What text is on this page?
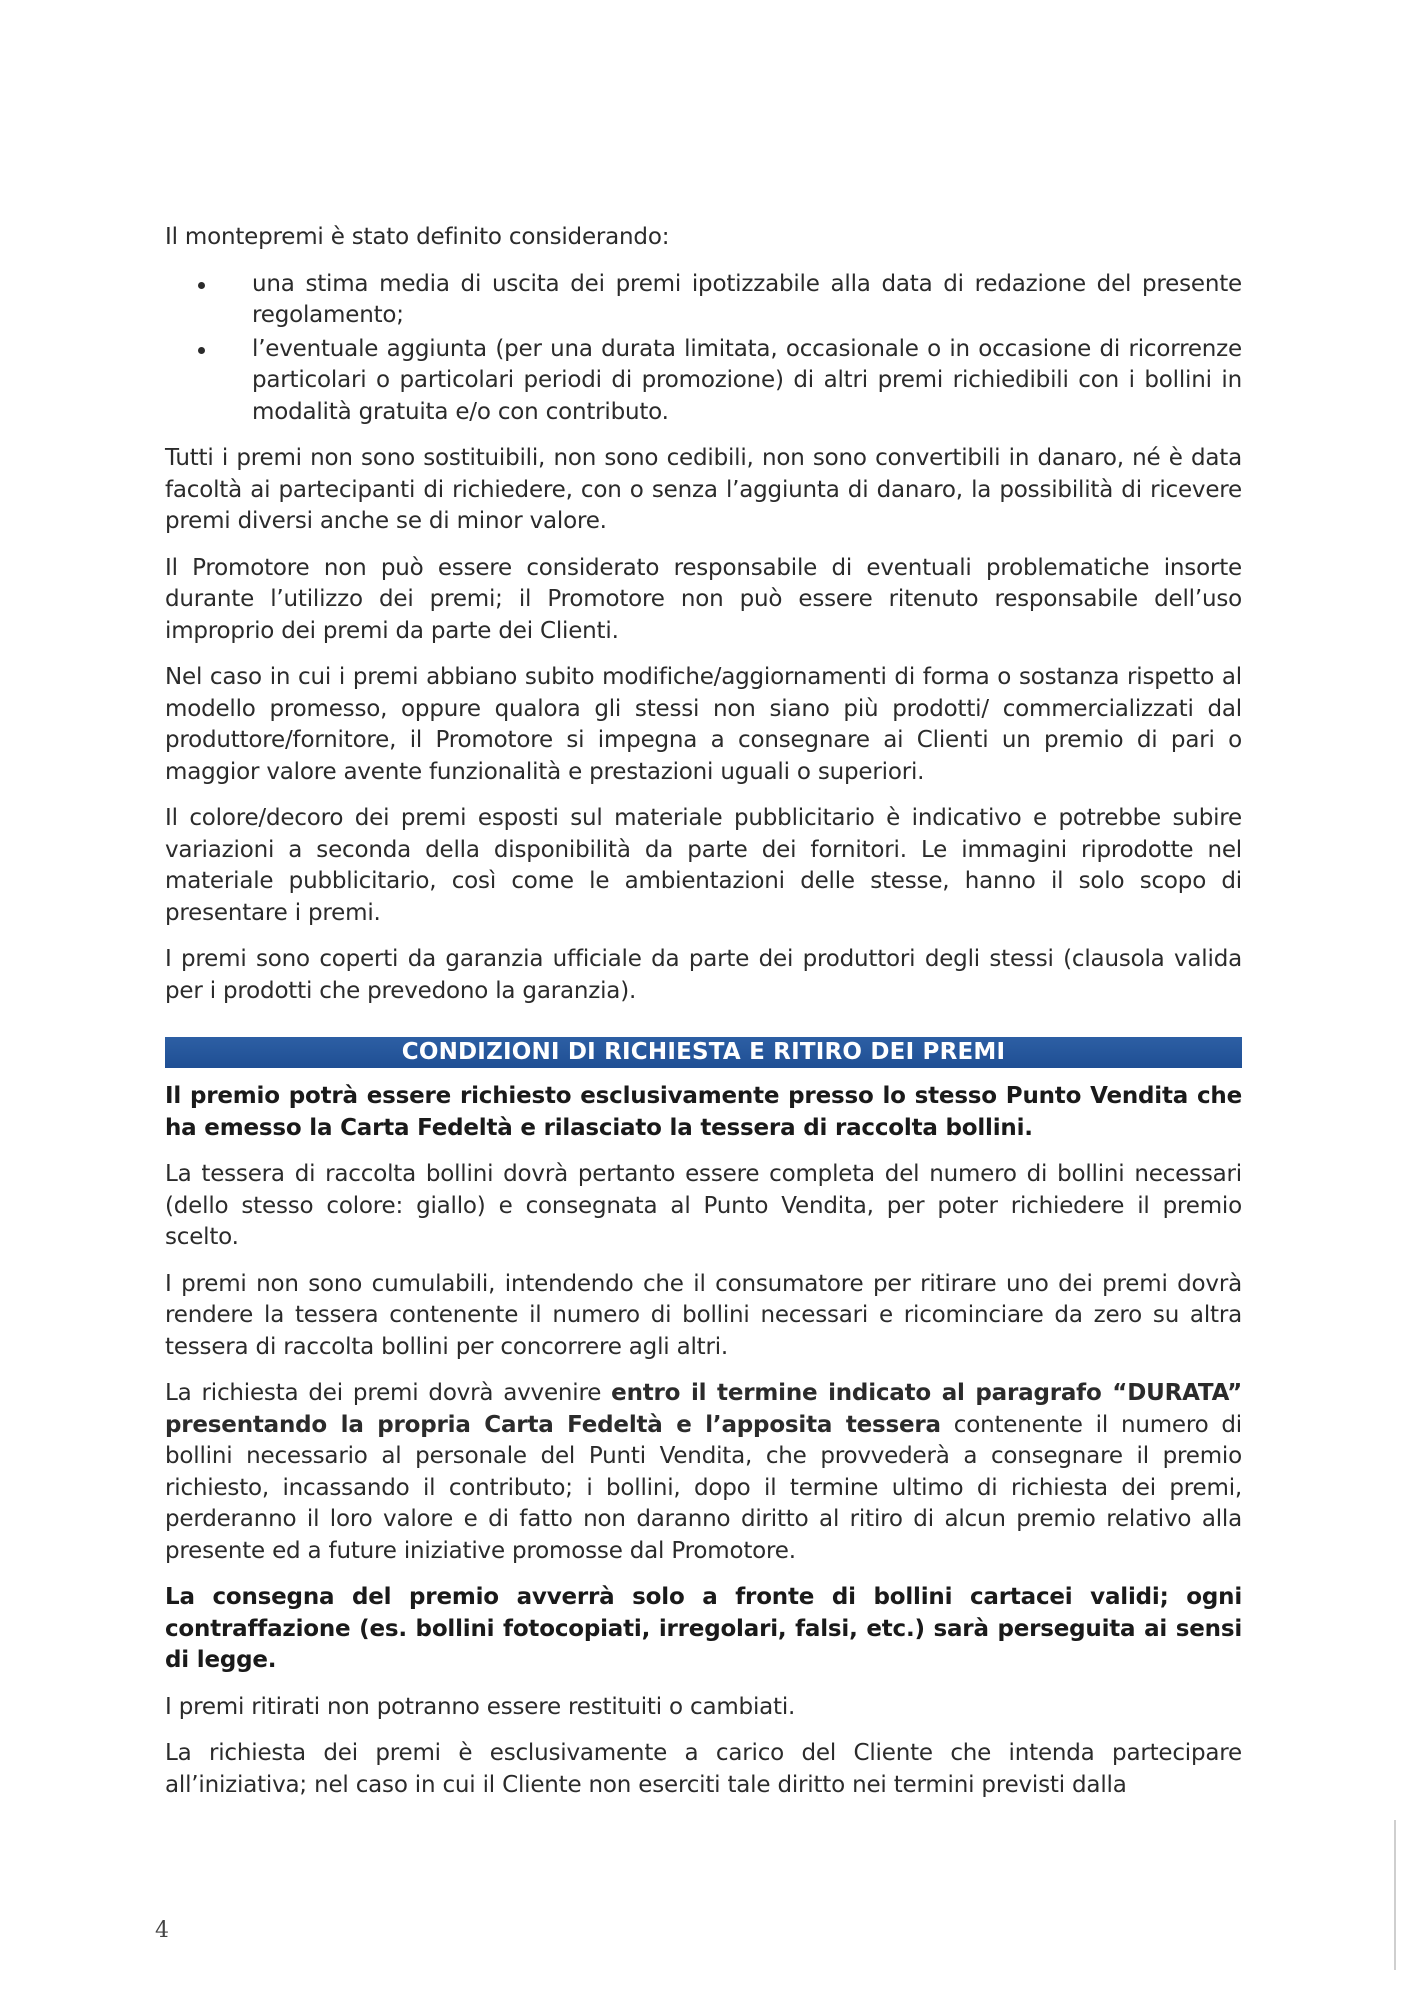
Il montepremi è stato definito considerando:

una stima media di uscita dei premi ipotizzabile alla data di redazione del presente regolamento;
l’eventuale aggiunta (per una durata limitata, occasionale o in occasione di ricorrenze particolari o particolari periodi di promozione) di altri premi richiedibili con i bollini in modalità gratuita e/o con contributo.

Tutti i premi non sono sostituibili, non sono cedibili, non sono convertibili in danaro, né è data facoltà ai partecipanti di richiedere, con o senza l’aggiunta di danaro, la possibilità di ricevere premi diversi anche se di minor valore.

Il Promotore non può essere considerato responsabile di eventuali problematiche insorte durante l’utilizzo dei premi; il Promotore non può essere ritenuto responsabile dell’uso improprio dei premi da parte dei Clienti.

Nel caso in cui i premi abbiano subito modifiche/aggiornamenti di forma o sostanza rispetto al modello promesso, oppure qualora gli stessi non siano più prodotti/ commercializzati dal produttore/fornitore, il Promotore si impegna a consegnare ai Clienti un premio di pari o maggior valore avente funzionalità e prestazioni uguali o superiori.

Il colore/decoro dei premi esposti sul materiale pubblicitario è indicativo e potrebbe subire variazioni a seconda della disponibilità da parte dei fornitori. Le immagini riprodotte nel materiale pubblicitario, così come le ambientazioni delle stesse, hanno il solo scopo di presentare i premi.

I premi sono coperti da garanzia ufficiale da parte dei produttori degli stessi (clausola valida per i prodotti che prevedono la garanzia).

CONDIZIONI DI RICHIESTA E RITIRO DEI PREMI

Il premio potrà essere richiesto esclusivamente presso lo stesso Punto Vendita che ha emesso la Carta Fedeltà e rilasciato la tessera di raccolta bollini.

La tessera di raccolta bollini dovrà pertanto essere completa del numero di bollini necessari (dello stesso colore: giallo) e consegnata al Punto Vendita, per poter richiedere il premio scelto.

I premi non sono cumulabili, intendendo che il consumatore per ritirare uno dei premi dovrà rendere la tessera contenente il numero di bollini necessari e ricominciare da zero su altra tessera di raccolta bollini per concorrere agli altri.

La richiesta dei premi dovrà avvenire entro il termine indicato al paragrafo “DURATA” presentando la propria Carta Fedeltà e l’apposita tessera contenente il numero di bollini necessario al personale del Punti Vendita, che provvederà a consegnare il premio richiesto, incassando il contributo; i bollini, dopo il termine ultimo di richiesta dei premi, perderanno il loro valore e di fatto non daranno diritto al ritiro di alcun premio relativo alla presente ed a future iniziative promosse dal Promotore.

La consegna del premio avverrà solo a fronte di bollini cartacei validi; ogni contraffazione (es. bollini fotocopiati, irregolari, falsi, etc.) sarà perseguita ai sensi di legge.

I premi ritirati non potranno essere restituiti o cambiati.

La richiesta dei premi è esclusivamente a carico del Cliente che intenda partecipare all’iniziativa; nel caso in cui il Cliente non eserciti tale diritto nei termini previsti dalla

4
